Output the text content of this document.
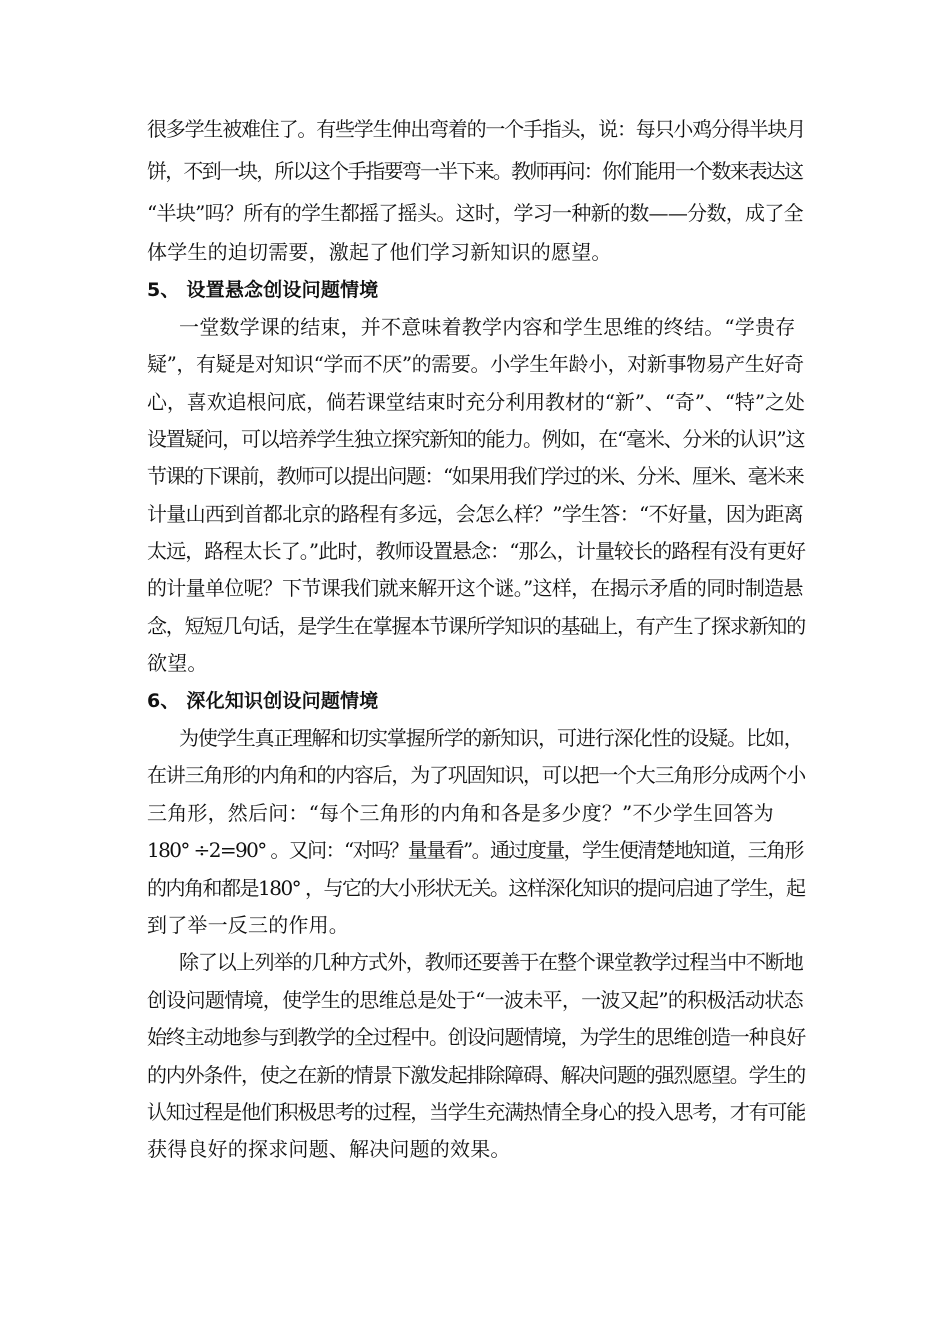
很多学生被难住了。有些学生伸出弯着的一个手指头，说：每只小鸡分得半块月
饼，不到一块，所以这个手指要弯一半下来。教师再问：你们能用一个数来表达这
“半块”吗？所有的学生都摇了摇头。这时，学习一种新的数——分数，成了全
体学生的迫切需要，激起了他们学习新知识的愿望。
5、 设置悬念创设问题情境
一堂数学课的结束，并不意味着教学内容和学生思维的终结。“学贵存
疑”，有疑是对知识“学而不厌”的需要。小学生年龄小，对新事物易产生好奇
心，喜欢追根问底，倘若课堂结束时充分利用教材的“新”、“奇”、“特”之处
设置疑问，可以培养学生独立探究新知的能力。例如，在“毫米、分米的认识”这
节课的下课前，教师可以提出问题：“如果用我们学过的米、分米、厘米、毫米来
计量山西到首都北京的路程有多远，会怎么样？”学生答：“不好量，因为距离
太远，路程太长了。”此时，教师设置悬念：“那么，计量较长的路程有没有更好
的计量单位呢？下节课我们就来解开这个谜。”这样，在揭示矛盾的同时制造悬
念，短短几句话，是学生在掌握本节课所学知识的基础上，有产生了探求新知的
欲望。
6、 深化知识创设问题情境
为使学生真正理解和切实掌握所学的新知识，可进行深化性的设疑。比如，
在讲三角形的内角和的内容后，为了巩固知识，可以把一个大三角形分成两个小
三角形，然后问：“每个三角形的内角和各是多少度？”不少学生回答为
180° ÷2=90° 。又问：“对吗？量量看”。通过度量，学生便清楚地知道，三角形
的内角和都是180° ，与它的大小形状无关。这样深化知识的提问启迪了学生，起
到了举一反三的作用。
除了以上列举的几种方式外，教师还要善于在整个课堂教学过程当中不断地
创设问题情境，使学生的思维总是处于“一波未平，一波又起”的积极活动状态
始终主动地参与到教学的全过程中。创设问题情境，为学生的思维创造一种良好
的内外条件，使之在新的情景下激发起排除障碍、解决问题的强烈愿望。学生的
认知过程是他们积极思考的过程，当学生充满热情全身心的投入思考，才有可能
获得良好的探求问题、解决问题的效果。
